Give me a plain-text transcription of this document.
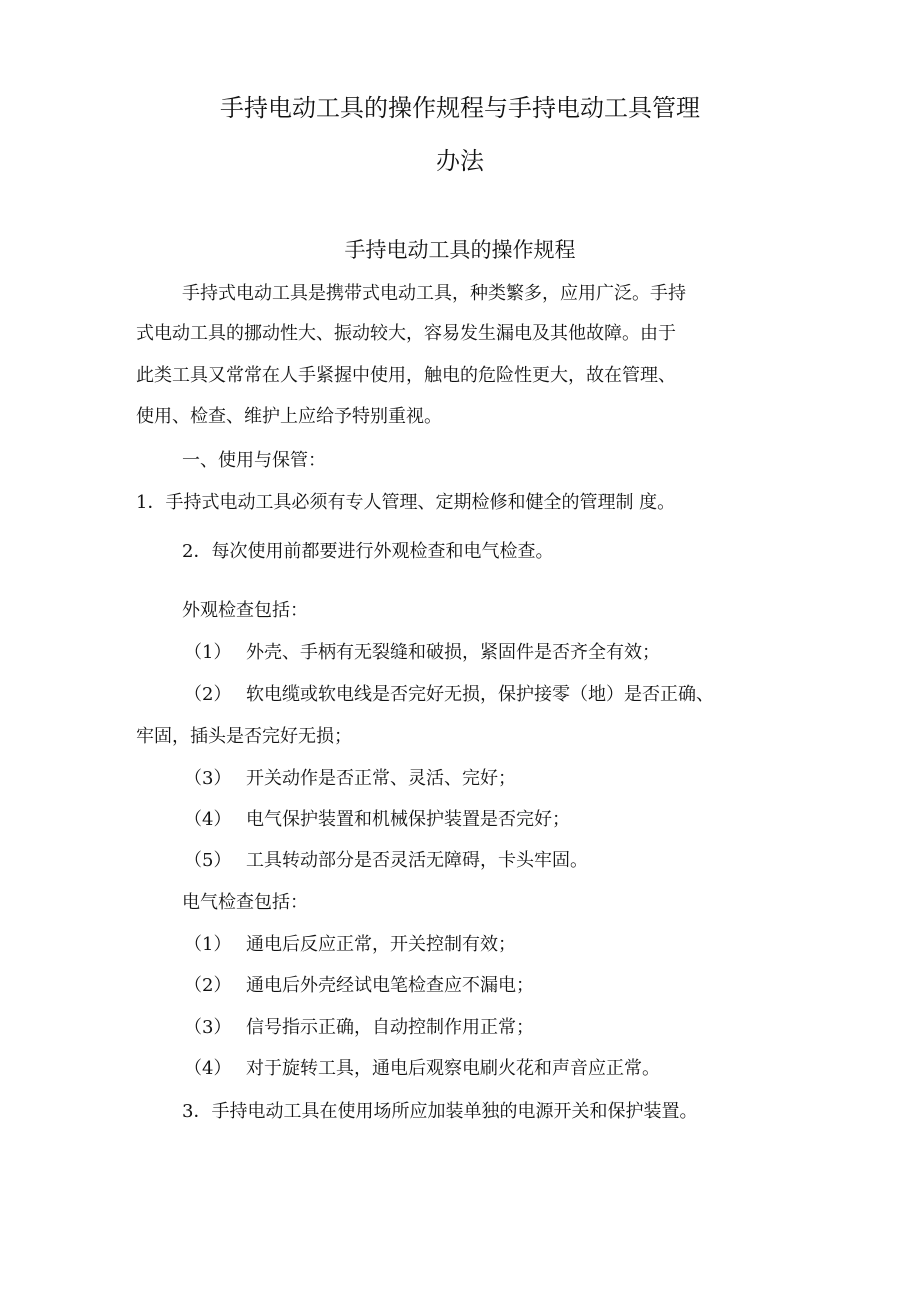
手持电动工具的操作规程与手持电动工具管理
办法
手持电动工具的操作规程
手持式电动工具是携带式电动工具，种类繁多，应用广泛。手持
式电动工具的挪动性大、振动较大，容易发生漏电及其他故障。由于
此类工具又常常在人手紧握中使用，触电的危险性更大，故在管理、
使用、检查、维护上应给予特别重视。
一、使用与保管：
1．手持式电动工具必须有专人管理、定期检修和健全的管理制 度。
2．每次使用前都要进行外观检查和电气检查。
外观检查包括：
（1） 外壳、手柄有无裂缝和破损，紧固件是否齐全有效；
（2） 软电缆或软电线是否完好无损，保护接零（地）是否正确、
牢固，插头是否完好无损；
（3） 开关动作是否正常、灵活、完好；
（4） 电气保护装置和机械保护装置是否完好；
（5） 工具转动部分是否灵活无障碍，卡头牢固。
电气检查包括：
（1） 通电后反应正常，开关控制有效；
（2） 通电后外壳经试电笔检查应不漏电；
（3） 信号指示正确，自动控制作用正常；
（4） 对于旋转工具，通电后观察电刷火花和声音应正常。
3．手持电动工具在使用场所应加装单独的电源开关和保护装置。
